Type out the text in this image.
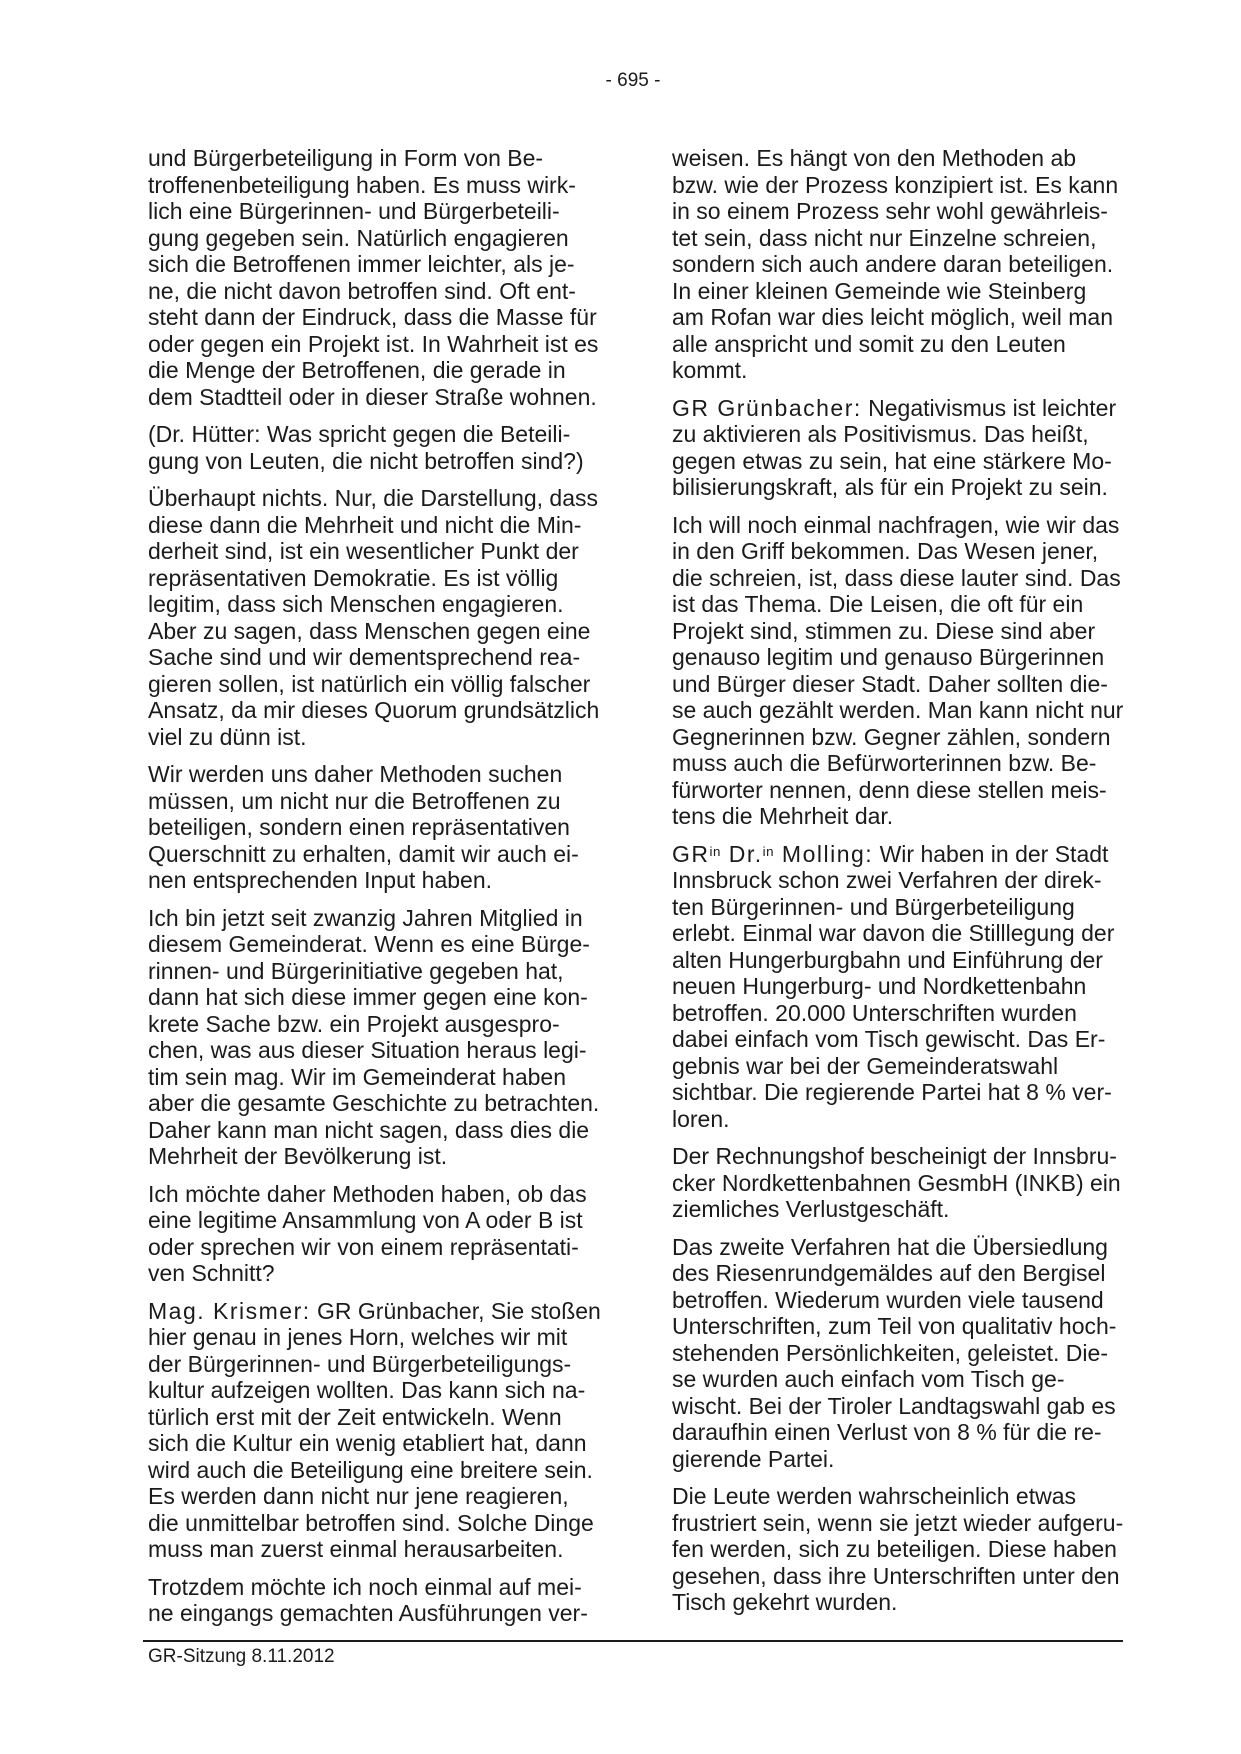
- 695 -

und Bürgerbeteiligung in Form von Be-
troffenenbeteiligung haben. Es muss wirk-
lich eine Bürgerinnen- und Bürgerbeteili-
gung gegeben sein. Natürlich engagieren
sich die Betroffenen immer leichter, als je-
ne, die nicht davon betroffen sind. Oft ent-
steht dann der Eindruck, dass die Masse für
oder gegen ein Projekt ist. In Wahrheit ist es
die Menge der Betroffenen, die gerade in
dem Stadtteil oder in dieser Straße wohnen.

(Dr. Hütter: Was spricht gegen die Beteili-
gung von Leuten, die nicht betroffen sind?)

Überhaupt nichts. Nur, die Darstellung, dass
diese dann die Mehrheit und nicht die Min-
derheit sind, ist ein wesentlicher Punkt der
repräsentativen Demokratie. Es ist völlig
legitim, dass sich Menschen engagieren.
Aber zu sagen, dass Menschen gegen eine
Sache sind und wir dementsprechend rea-
gieren sollen, ist natürlich ein völlig falscher
Ansatz, da mir dieses Quorum grundsätzlich
viel zu dünn ist.

Wir werden uns daher Methoden suchen
müssen, um nicht nur die Betroffenen zu
beteiligen, sondern einen repräsentativen
Querschnitt zu erhalten, damit wir auch ei-
nen entsprechenden Input haben.

Ich bin jetzt seit zwanzig Jahren Mitglied in
diesem Gemeinderat. Wenn es eine Bürge-
rinnen- und Bürgerinitiative gegeben hat,
dann hat sich diese immer gegen eine kon-
krete Sache bzw. ein Projekt ausgespro-
chen, was aus dieser Situation heraus legi-
tim sein mag. Wir im Gemeinderat haben
aber die gesamte Geschichte zu betrachten.
Daher kann man nicht sagen, dass dies die
Mehrheit der Bevölkerung ist.

Ich möchte daher Methoden haben, ob das
eine legitime Ansammlung von A oder B ist
oder sprechen wir von einem repräsentati-
ven Schnitt?

Mag. Krismer: GR Grünbacher, Sie stoßen
hier genau in jenes Horn, welches wir mit
der Bürgerinnen- und Bürgerbeteiligungs-
kultur aufzeigen wollten. Das kann sich na-
türlich erst mit der Zeit entwickeln. Wenn
sich die Kultur ein wenig etabliert hat, dann
wird auch die Beteiligung eine breitere sein.
Es werden dann nicht nur jene reagieren,
die unmittelbar betroffen sind. Solche Dinge
muss man zuerst einmal herausarbeiten.

Trotzdem möchte ich noch einmal auf mei-
ne eingangs gemachten Ausführungen ver-

weisen. Es hängt von den Methoden ab
bzw. wie der Prozess konzipiert ist. Es kann
in so einem Prozess sehr wohl gewährleis-
tet sein, dass nicht nur Einzelne schreien,
sondern sich auch andere daran beteiligen.
In einer kleinen Gemeinde wie Steinberg
am Rofan war dies leicht möglich, weil man
alle anspricht und somit zu den Leuten
kommt.

GR Grünbacher: Negativismus ist leichter
zu aktivieren als Positivismus. Das heißt,
gegen etwas zu sein, hat eine stärkere Mo-
bilisierungskraft, als für ein Projekt zu sein.

Ich will noch einmal nachfragen, wie wir das
in den Griff bekommen. Das Wesen jener,
die schreien, ist, dass diese lauter sind. Das
ist das Thema. Die Leisen, die oft für ein
Projekt sind, stimmen zu. Diese sind aber
genauso legitim und genauso Bürgerinnen
und Bürger dieser Stadt. Daher sollten die-
se auch gezählt werden. Man kann nicht nur
Gegnerinnen bzw. Gegner zählen, sondern
muss auch die Befürworterinnen bzw. Be-
fürworter nennen, denn diese stellen meis-
tens die Mehrheit dar.

$GR^{in}$ Dr.$^{in}$ Molling: Wir haben in der Stadt
Innsbruck schon zwei Verfahren der direk-
ten Bürgerinnen- und Bürgerbeteiligung
erlebt. Einmal war davon die Stilllegung der
alten Hungerburgbahn und Einführung der
neuen Hungerburg- und Nordkettenbahn
betroffen. 20.000 Unterschriften wurden
dabei einfach vom Tisch gewischt. Das Er-
gebnis war bei der Gemeinderatswahl
sichtbar. Die regierende Partei hat 8 % ver-
loren.

Der Rechnungshof bescheinigt der Innsbru-
cker Nordkettenbahnen GesmbH (INKB) ein
ziemliches Verlustgeschäft.

Das zweite Verfahren hat die Übersiedlung
des Riesenrundgemäldes auf den Bergisel
betroffen. Wiederum wurden viele tausend
Unterschriften, zum Teil von qualitativ hoch-
stehenden Persönlichkeiten, geleistet. Die-
se wurden auch einfach vom Tisch ge-
wischt. Bei der Tiroler Landtagswahl gab es
daraufhin einen Verlust von 8 % für die re-
gierende Partei.

Die Leute werden wahrscheinlich etwas
frustriert sein, wenn sie jetzt wieder aufgeru-
fen werden, sich zu beteiligen. Diese haben
gesehen, dass ihre Unterschriften unter den
Tisch gekehrt wurden.

GR-Sitzung 8.11.2012
